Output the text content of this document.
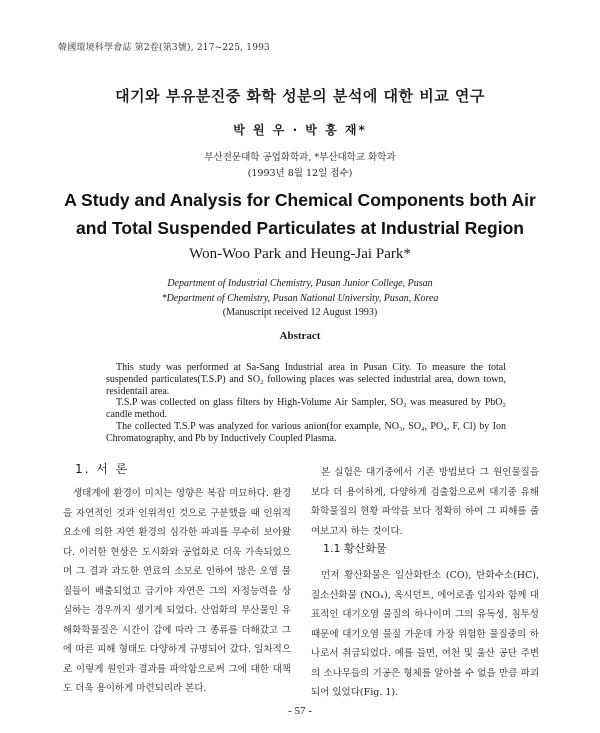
韓國環境科學會誌 第2卷(第3號), 217~225, 1993
대기와 부유분진중 화학 성분의 분석에 대한 비교 연구
박 원 우 · 박 홍 재*
부산전문대학 공업화학과, *부산대학교 화학과
(1993년 8월 12일 접수)
A Study and Analysis for Chemical Components both Air
and Total Suspended Particulates at Industrial Region
Won-Woo Park and Heung-Jai Park*
Department of Industrial Chemistry, Pusan Junior College, Pusan
*Department of Chemistry, Pusan National University, Pusan, Korea
(Manuscript received 12 August 1993)
Abstract

This study was performed at Sa-Sang Industrial area in Pusan City. To measure the total suspended particulates(T.S.P) and SO₂ following places was selected industrial area, down town, residentail area.

T.S.P was collected on glass filters by High-Volume Air Sampler, SO₂ was measured by PbO₂ candle method.

The collected T.S.P was analyzed for various anion(for example, NO₃, SO₄, PO₄, F, Cl) by Ion Chromatography, and Pb by Inductively Coupled Plasma.

1. 서 론

생태계에 환경이 미치는 영향은 복잡 미묘하다. 환경을 자연적인 것과 인위적인 것으로 구분했을 때 인위적 요소에 의한 자연 환경의 심각한 파괴를 무수히 보아왔다. 이러한 현상은 도시화와 공업화로 더욱 가속되었으며 그 결과 과도한 연료의 소모로 인하여 많은 오염 물질들이 배출되었고 급기야 자연은 그의 자정능력을 상실하는 경우까지 생기게 되었다. 산업화의 부산물인 유해화학물질은 시간이 갑에 따라 그 종류를 더해갔고 그에 따른 피해 형태도 다양하게 규명되어 갔다. 일차적으로 이렇게 원인과 결과를 파악함으로써 그에 대한 대책도 더욱 용이하게 마련되리라 본다.

본 실험은 대기중에서 기존 방법보다 그 원인물질을 보다 더 용이하게, 다양하게 검출함으로써 대기중 유해 화학물질의 현황 파악을 보다 정확히 하여 그 피해를 줄여보고자 하는 것이다.

1.1 황산화물

먼저 황산화물은 일산화탄소 (CO), 탄화수소(HC), 질소산화물 (NOₓ), 옥시던트, 에어로졸 입자와 함께 대표적인 대기오염 물질의 하나이며 그의 유독성, 침투성 때문에 대기오염 물질 가운데 가장 위험한 물질중의 하나로서 취급되었다. 예를 들면, 여천 및 울산 공단 주변의 소나무들의 기공은 형체를 알아볼 수 없을 만큼 파괴되어 있었다(Fig. 1).

- 57 -
